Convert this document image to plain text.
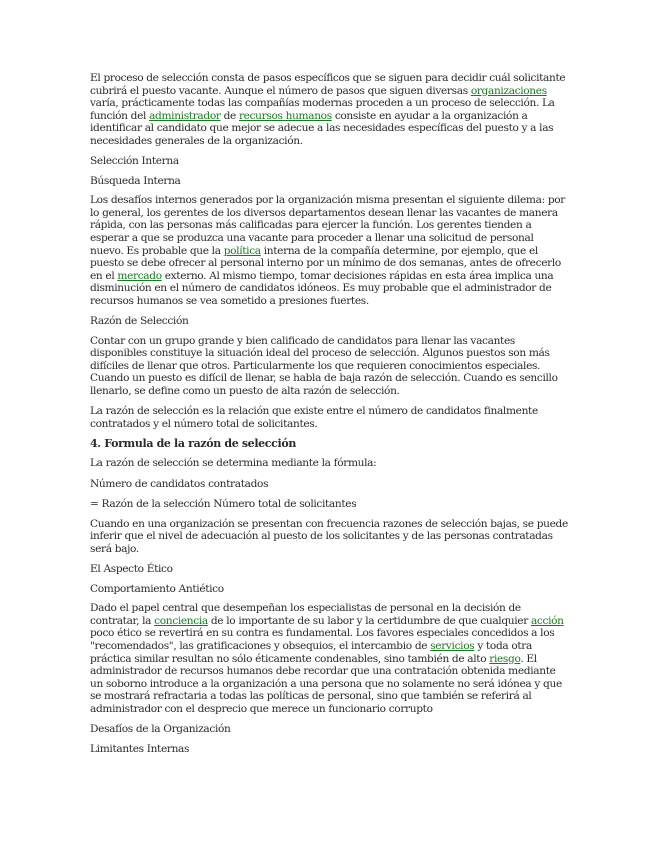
El proceso de selección consta de pasos específicos que se siguen para decidir cuál solicitante cubrirá el puesto vacante. Aunque el número de pasos que siguen diversas organizaciones varía, prácticamente todas las compañías modernas proceden a un proceso de selección. La función del administrador de recursos humanos consiste en ayudar a la organización a identificar al candidato que mejor se adecue a las necesidades específicas del puesto y a las necesidades generales de la organización.

Selección Interna

Búsqueda Interna

Los desafíos internos generados por la organización misma presentan el siguiente dilema: por lo general, los gerentes de los diversos departamentos desean llenar las vacantes de manera rápida, con las personas más calificadas para ejercer la función. Los gerentes tienden a esperar a que se produzca una vacante para proceder a llenar una solicitud de personal nuevo. Es probable que la política interna de la compañía determine, por ejemplo, que el puesto se debe ofrecer al personal interno por un mínimo de dos semanas, antes de ofrecerlo en el mercado externo. Al mismo tiempo, tomar decisiones rápidas en esta área implica una disminución en el número de candidatos idóneos. Es muy probable que el administrador de recursos humanos se vea sometido a presiones fuertes.

Razón de Selección

Contar con un grupo grande y bien calificado de candidatos para llenar las vacantes disponibles constituye la situación ideal del proceso de selección. Algunos puestos son más difíciles de llenar que otros. Particularmente los que requieren conocimientos especiales. Cuando un puesto es difícil de llenar, se habla de baja razón de selección. Cuando es sencillo llenarlo, se define como un puesto de alta razón de selección.

La razón de selección es la relación que existe entre el número de candidatos finalmente contratados y el número total de solicitantes.

4. Formula de la razón de selección

La razón de selección se determina mediante la fórmula:

Número de candidatos contratados

= Razón de la selección Número total de solicitantes

Cuando en una organización se presentan con frecuencia razones de selección bajas, se puede inferir que el nivel de adecuación al puesto de los solicitantes y de las personas contratadas será bajo.

El Aspecto Ético

Comportamiento Antiético

Dado el papel central que desempeñan los especialistas de personal en la decisión de contratar, la conciencia de lo importante de su labor y la certidumbre de que cualquier acción poco ético se revertirá en su contra es fundamental. Los favores especiales concedidos a los "recomendados", las gratificaciones y obsequios, el intercambio de servicios y toda otra práctica similar resultan no sólo éticamente condenables, sino también de alto riesgo. El administrador de recursos humanos debe recordar que una contratación obtenida mediante un soborno introduce a la organización a una persona que no solamente no será idónea y que se mostrará refractaria a todas las políticas de personal, sino que también se referirá al administrador con el desprecio que merece un funcionario corrupto

Desafíos de la Organización

Limitantes Internas
